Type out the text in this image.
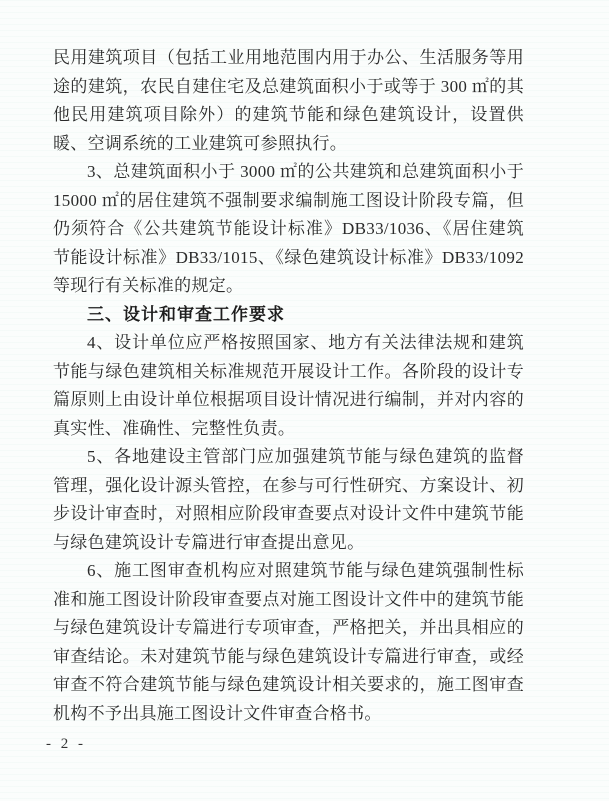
民用建筑项目（包括工业用地范围内用于办公、生活服务等用途的建筑，农民自建住宅及总建筑面积小于或等于 300 ㎡的其他民用建筑项目除外）的建筑节能和绿色建筑设计，设置供暖、空调系统的工业建筑可参照执行。

3、总建筑面积小于 3000 ㎡的公共建筑和总建筑面积小于 15000 ㎡的居住建筑不强制要求编制施工图设计阶段专篇，但仍须符合《公共建筑节能设计标准》DB33/1036、《居住建筑节能设计标准》DB33/1015、《绿色建筑设计标准》DB33/1092 等现行有关标准的规定。

三、设计和审查工作要求

4、设计单位应严格按照国家、地方有关法律法规和建筑节能与绿色建筑相关标准规范开展设计工作。各阶段的设计专篇原则上由设计单位根据项目设计情况进行编制，并对内容的真实性、准确性、完整性负责。

5、各地建设主管部门应加强建筑节能与绿色建筑的监督管理，强化设计源头管控，在参与可行性研究、方案设计、初步设计审查时，对照相应阶段审查要点对设计文件中建筑节能与绿色建筑设计专篇进行审查提出意见。

6、施工图审查机构应对照建筑节能与绿色建筑强制性标准和施工图设计阶段审查要点对施工图设计文件中的建筑节能与绿色建筑设计专篇进行专项审查，严格把关，并出具相应的审查结论。未对建筑节能与绿色建筑设计专篇进行审查，或经审查不符合建筑节能与绿色建筑设计相关要求的，施工图审查机构不予出具施工图设计文件审查合格书。

- 2 -
